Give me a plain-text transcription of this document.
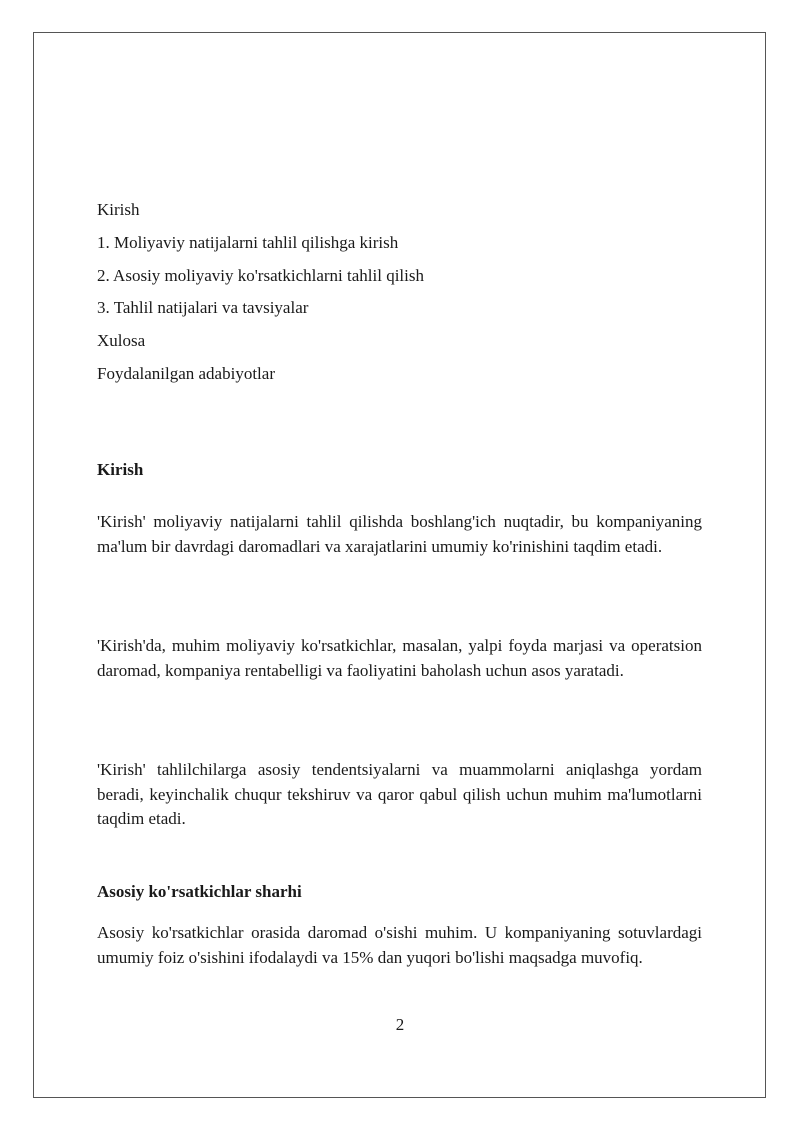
Kirish
1. Moliyaviy natijalarni tahlil qilishga kirish
2. Asosiy moliyaviy ko'rsatkichlarni tahlil qilish
3. Tahlil natijalari va tavsiyalar
Xulosa
Foydalanilgan adabiyotlar
Kirish

'Kirish' moliyaviy natijalarni tahlil qilishda boshlang'ich nuqtadir, bu kompaniyaning ma'lum bir davrdagi daromadlari va xarajatlarini umumiy ko'rinishini taqdim etadi.

'Kirish'da, muhim moliyaviy ko'rsatkichlar, masalan, yalpi foyda marjasi va operatsion daromad, kompaniya rentabelligi va faoliyatini baholash uchun asos yaratadi.

'Kirish' tahlilchilarga asosiy tendentsiyalarni va muammolarni aniqlashga yordam beradi, keyinchalik chuqur tekshiruv va qaror qabul qilish uchun muhim ma'lumotlarni taqdim etadi.

Asosiy ko'rsatkichlar sharhi

Asosiy ko'rsatkichlar orasida daromad o'sishi muhim. U kompaniyaning sotuvlardagi umumiy foiz o'sishini ifodalaydi va 15% dan yuqori bo'lishi maqsadga muvofiq.

2
